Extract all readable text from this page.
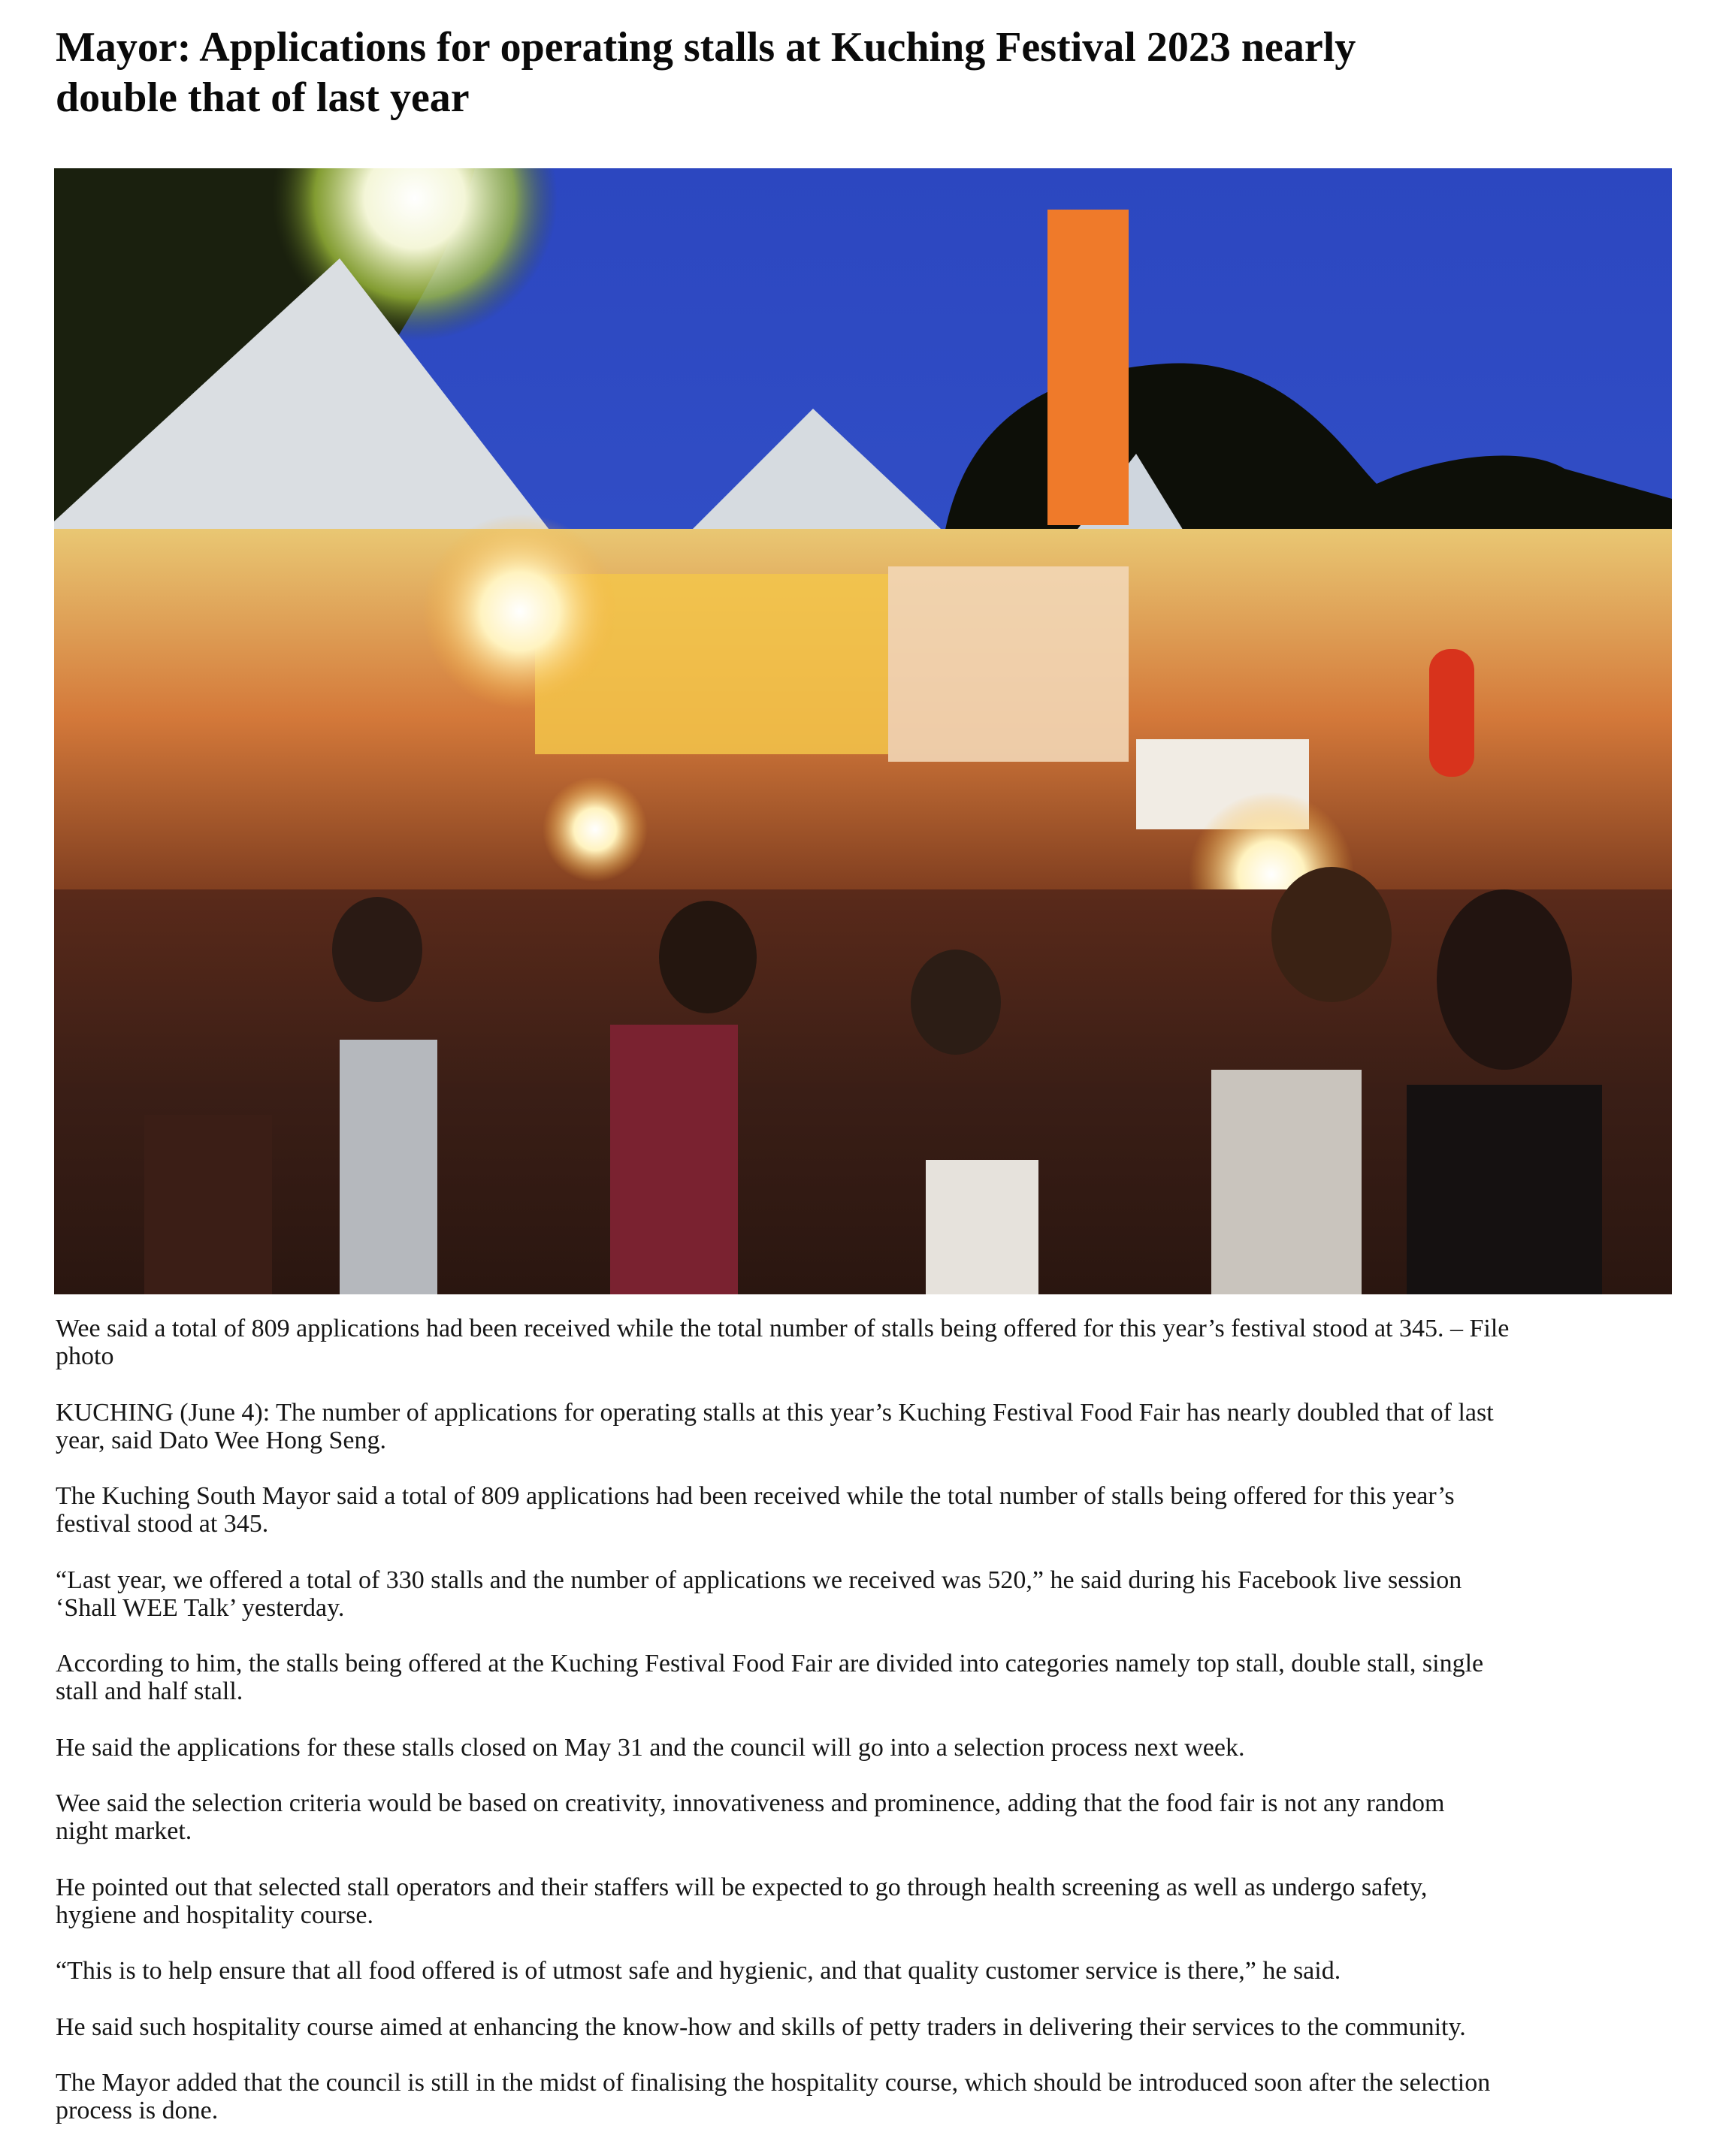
Mayor: Applications for operating stalls at Kuching Festival 2023 nearly
double that of last year

Wee said a total of 809 applications had been received while the total number of stalls being offered for this year’s festival stood at 345. – File
photo

KUCHING (June 4): The number of applications for operating stalls at this year’s Kuching Festival Food Fair has nearly doubled that of last
year, said Dato Wee Hong Seng.

The Kuching South Mayor said a total of 809 applications had been received while the total number of stalls being offered for this year’s
festival stood at 345.

“Last year, we offered a total of 330 stalls and the number of applications we received was 520,” he said during his Facebook live session
‘Shall WEE Talk’ yesterday.

According to him, the stalls being offered at the Kuching Festival Food Fair are divided into categories namely top stall, double stall, single
stall and half stall.

He said the applications for these stalls closed on May 31 and the council will go into a selection process next week.

Wee said the selection criteria would be based on creativity, innovativeness and prominence, adding that the food fair is not any random
night market.

He pointed out that selected stall operators and their staffers will be expected to go through health screening as well as undergo safety,
hygiene and hospitality course.

“This is to help ensure that all food offered is of utmost safe and hygienic, and that quality customer service is there,” he said.

He said such hospitality course aimed at enhancing the know-how and skills of petty traders in delivering their services to the community.

The Mayor added that the council is still in the midst of finalising the hospitality course, which should be introduced soon after the selection
process is done.
